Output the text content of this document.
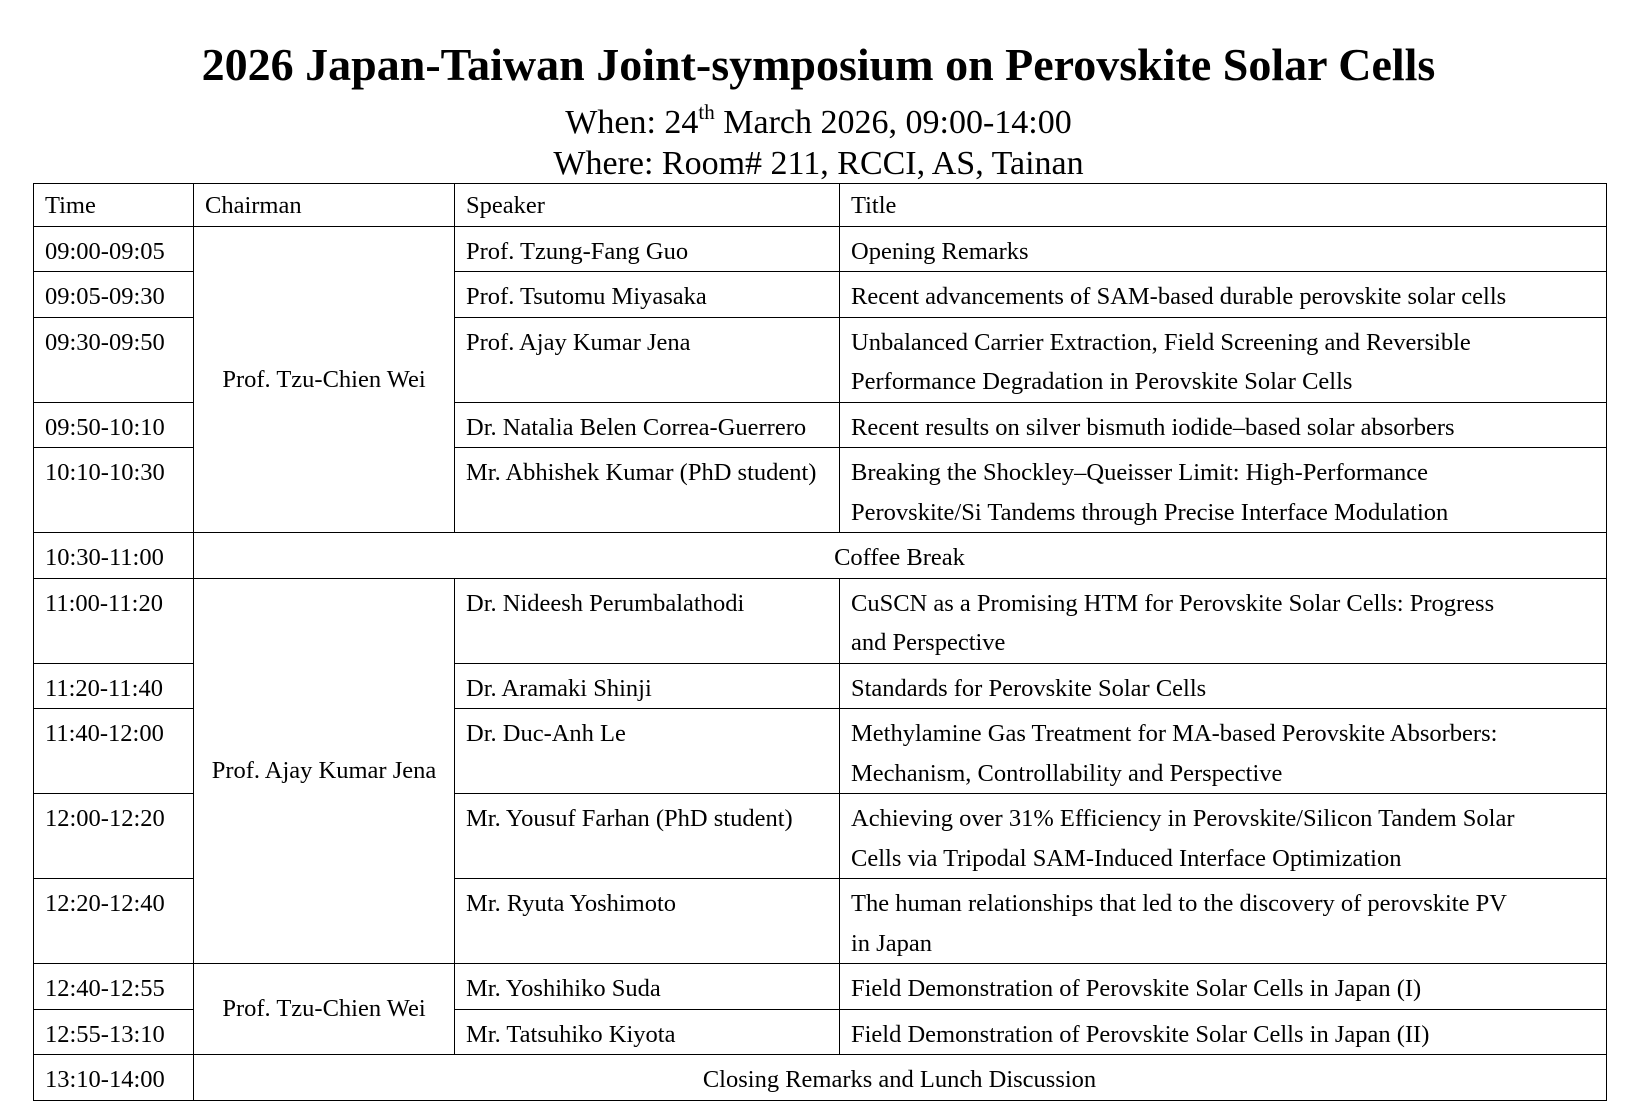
2026 Japan-Taiwan Joint-symposium on Perovskite Solar Cells
When: 24th March 2026, 09:00-14:00
Where: Room# 211, RCCI, AS, Tainan
Time	Chairman	Speaker	Title
09:00-09:05	Prof. Tzu-Chien Wei	Prof. Tzung-Fang Guo	Opening Remarks
09:05-09:30		Prof. Tsutomu Miyasaka	Recent advancements of SAM-based durable perovskite solar cells
09:30-09:50		Prof. Ajay Kumar Jena	Unbalanced Carrier Extraction, Field Screening and Reversible
Performance Degradation in Perovskite Solar Cells
09:50-10:10		Dr. Natalia Belen Correa-Guerrero	Recent results on silver bismuth iodide–based solar absorbers
10:10-10:30		Mr. Abhishek Kumar (PhD student)	Breaking the Shockley–Queisser Limit: High-Performance
Perovskite/Si Tandems through Precise Interface Modulation
10:30-11:00	Coffee Break		
11:00-11:20	Prof. Ajay Kumar Jena	Dr. Nideesh Perumbalathodi	CuSCN as a Promising HTM for Perovskite Solar Cells: Progress
and Perspective
11:20-11:40		Dr. Aramaki Shinji	Standards for Perovskite Solar Cells
11:40-12:00		Dr. Duc-Anh Le	Methylamine Gas Treatment for MA-based Perovskite Absorbers:
Mechanism, Controllability and Perspective
12:00-12:20		Mr. Yousuf Farhan (PhD student)	Achieving over 31% Efficiency in Perovskite/Silicon Tandem Solar
Cells via Tripodal SAM-Induced Interface Optimization
12:20-12:40		Mr. Ryuta Yoshimoto	The human relationships that led to the discovery of perovskite PV
in Japan
12:40-12:55	Prof. Tzu-Chien Wei	Mr. Yoshihiko Suda	Field Demonstration of Perovskite Solar Cells in Japan (I)
12:55-13:10		Mr. Tatsuhiko Kiyota	Field Demonstration of Perovskite Solar Cells in Japan (II)
13:10-14:00	Closing Remarks and Lunch Discussion		
